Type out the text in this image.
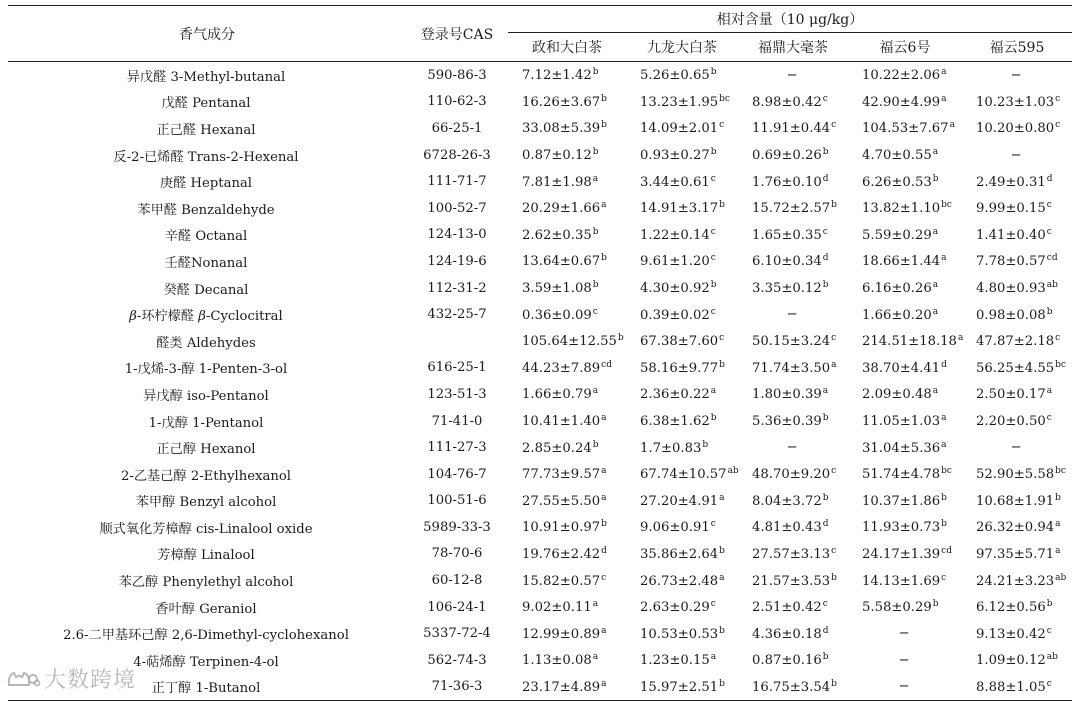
香气成分	登录号CAS	相对含量（10 μg/kg）				
		政和大白茶	九龙大白茶	福鼎大毫茶	福云6号	福云595
异戊醛 3-Methyl-butanal	590-86-3	7.12±1.42$^b$	5.26±0.65$^b$	−	10.22±2.06$^a$	−
戊醛 Pentanal	110-62-3	16.26±3.67$^b$	13.23±1.95$^{bc}$	8.98±0.42$^c$	42.90±4.99$^a$	10.23±1.03$^c$
正己醛 Hexanal	66-25-1	33.08±5.39$^b$	14.09±2.01$^c$	11.91±0.44$^c$	104.53±7.67$^a$	10.20±0.80$^c$
反-2-已烯醛 Trans-2-Hexenal	6728-26-3	0.87±0.12$^b$	0.93±0.27$^b$	0.69±0.26$^b$	4.70±0.55$^a$	−
庚醛 Heptanal	111-71-7	7.81±1.98$^a$	3.44±0.61$^c$	1.76±0.10$^d$	6.26±0.53$^b$	2.49±0.31$^d$
苯甲醛 Benzaldehyde	100-52-7	20.29±1.66$^a$	14.91±3.17$^b$	15.72±2.57$^b$	13.82±1.10$^{bc}$	9.99±0.15$^c$
辛醛 Octanal	124-13-0	2.62±0.35$^b$	1.22±0.14$^c$	1.65±0.35$^c$	5.59±0.29$^a$	1.41±0.40$^c$
壬醛Nonanal	124-19-6	13.64±0.67$^b$	9.61±1.20$^c$	6.10±0.34$^d$	18.66±1.44$^a$	7.78±0.57$^{cd}$
癸醛 Decanal	112-31-2	3.59±1.08$^b$	4.30±0.92$^b$	3.35±0.12$^b$	6.16±0.26$^a$	4.80±0.93$^{ab}$
β-环柠檬醛 β-Cyclocitral	432-25-7	0.36±0.09$^c$	0.39±0.02$^c$	−	1.66±0.20$^a$	0.98±0.08$^b$
醛类 Aldehydes		105.64±12.55$^b$	67.38±7.60$^c$	50.15±3.24$^c$	214.51±18.18$^a$	47.87±2.18$^c$
1-戊烯-3-醇 1-Penten-3-ol	616-25-1	44.23±7.89$^{cd}$	58.16±9.77$^b$	71.74±3.50$^a$	38.70±4.41$^d$	56.25±4.55$^{bc}$
异戊醇 iso-Pentanol	123-51-3	1.66±0.79$^a$	2.36±0.22$^a$	1.80±0.39$^a$	2.09±0.48$^a$	2.50±0.17$^a$
1-戊醇 1-Pentanol	71-41-0	10.41±1.40$^a$	6.38±1.62$^b$	5.36±0.39$^b$	11.05±1.03$^a$	2.20±0.50$^c$
正己醇 Hexanol	111-27-3	2.85±0.24$^b$	1.7±0.83$^b$	−	31.04±5.36$^a$	−
2-乙基己醇 2-Ethylhexanol	104-76-7	77.73±9.57$^a$	67.74±10.57$^{ab}$	48.70±9.20$^c$	51.74±4.78$^{bc}$	52.90±5.58$^{bc}$
苯甲醇 Benzyl alcohol	100-51-6	27.55±5.50$^a$	27.20±4.91$^a$	8.04±3.72$^b$	10.37±1.86$^b$	10.68±1.91$^b$
顺式氧化芳樟醇 cis-Linalool oxide	5989-33-3	10.91±0.97$^b$	9.06±0.91$^c$	4.81±0.43$^d$	11.93±0.73$^b$	26.32±0.94$^a$
芳樟醇 Linalool	78-70-6	19.76±2.42$^d$	35.86±2.64$^b$	27.57±3.13$^c$	24.17±1.39$^{cd}$	97.35±5.71$^a$
苯乙醇 Phenylethyl alcohol	60-12-8	15.82±0.57$^c$	26.73±2.48$^a$	21.57±3.53$^b$	14.13±1.69$^c$	24.21±3.23$^{ab}$
香叶醇 Geraniol	106-24-1	9.02±0.11$^a$	2.63±0.29$^c$	2.51±0.42$^c$	5.58±0.29$^b$	6.12±0.56$^b$
2.6-二甲基环己醇 2,6-Dimethyl-cyclohexanol	5337-72-4	12.99±0.89$^a$	10.53±0.53$^b$	4.36±0.18$^d$	−	9.13±0.42$^c$
4-萜烯醇 Terpinen-4-ol	562-74-3	1.13±0.08$^a$	1.23±0.15$^a$	0.87±0.16$^b$	−	1.09±0.12$^{ab}$
正丁醇 1-Butanol	71-36-3	23.17±4.89$^a$	15.97±2.51$^b$	16.75±3.54$^b$	−	8.88±1.05$^c$
大数跨境
